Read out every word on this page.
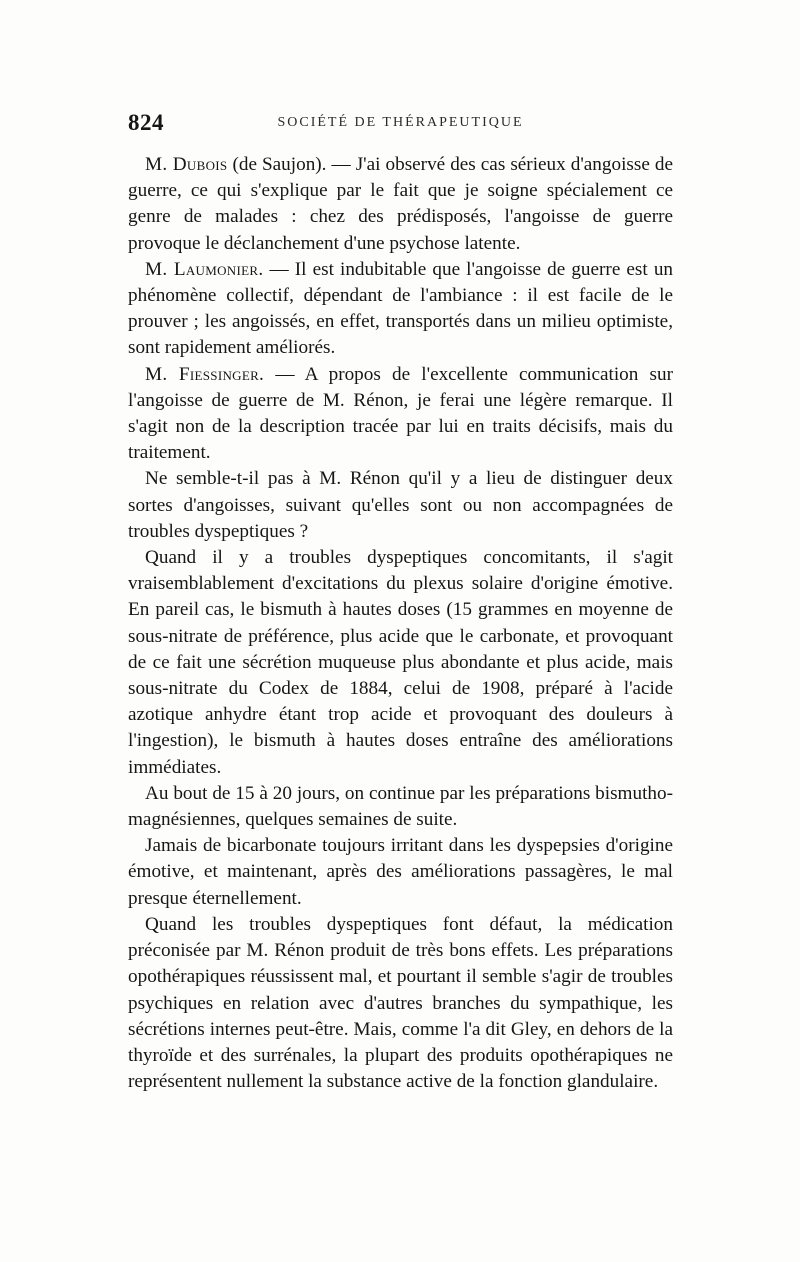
824	SOCIÉTÉ DE THÉRAPEUTIQUE

M. Dubois (de Saujon). — J'ai observé des cas sérieux d'angoisse de guerre, ce qui s'explique par le fait que je soigne spécialement ce genre de malades : chez des prédisposés, l'angoisse de guerre provoque le déclanchement d'une psychose latente.

M. Laumonier. — Il est indubitable que l'angoisse de guerre est un phénomène collectif, dépendant de l'ambiance : il est facile de le prouver ; les angoissés, en effet, transportés dans un milieu optimiste, sont rapidement améliorés.

M. Fiessinger. — A propos de l'excellente communication sur l'angoisse de guerre de M. Rénon, je ferai une légère remarque. Il s'agit non de la description tracée par lui en traits décisifs, mais du traitement.

Ne semble-t-il pas à M. Rénon qu'il y a lieu de distinguer deux sortes d'angoisses, suivant qu'elles sont ou non accompagnées de troubles dyspeptiques ?

Quand il y a troubles dyspeptiques concomitants, il s'agit vraisemblablement d'excitations du plexus solaire d'origine émotive. En pareil cas, le bismuth à hautes doses (15 grammes en moyenne de sous-nitrate de préférence, plus acide que le carbonate, et provoquant de ce fait une sécrétion muqueuse plus abondante et plus acide, mais sous-nitrate du Codex de 1884, celui de 1908, préparé à l'acide azotique anhydre étant trop acide et provoquant des douleurs à l'ingestion), le bismuth à hautes doses entraîne des améliorations immédiates.

Au bout de 15 à 20 jours, on continue par les préparations bismutho-magnésiennes, quelques semaines de suite.

Jamais de bicarbonate toujours irritant dans les dyspepsies d'origine émotive, et maintenant, après des améliorations passagères, le mal presque éternellement.

Quand les troubles dyspeptiques font défaut, la médication préconisée par M. Rénon produit de très bons effets. Les préparations opothérapiques réussissent mal, et pourtant il semble s'agir de troubles psychiques en relation avec d'autres branches du sympathique, les sécrétions internes peut-être. Mais, comme l'a dit Gley, en dehors de la thyroïde et des surrénales, la plupart des produits opothérapiques ne représentent nullement la substance active de la fonction glandulaire.
